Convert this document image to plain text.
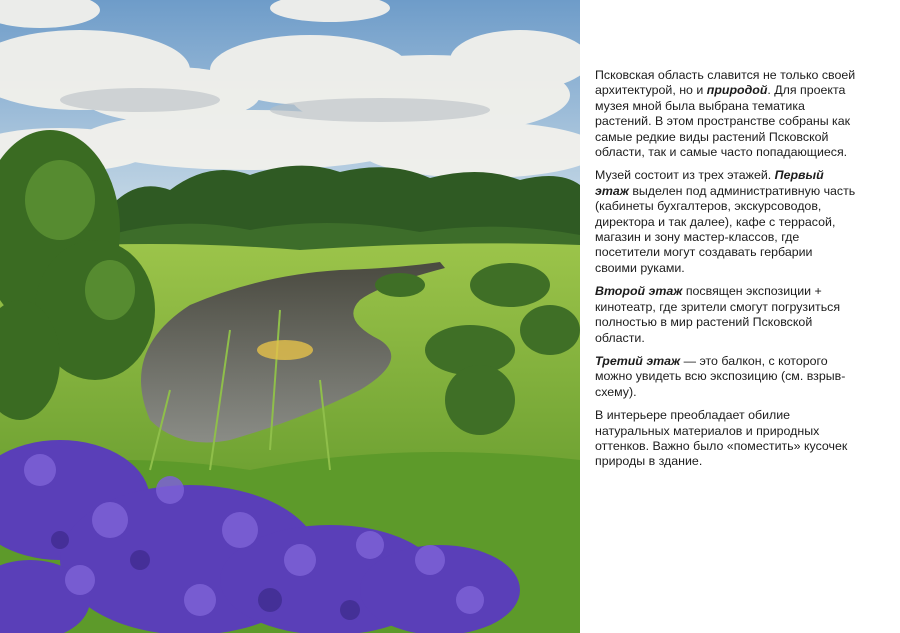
Псковская область славится не только своей архитектурой, но и природой. Для проекта музея мной была выбрана тематика растений. В этом пространстве собраны как самые редкие виды растений Псковской области, так и самые часто попадающиеся.

Музей состоит из трех этажей. Первый этаж выделен под административную часть (кабинеты бухгалтеров, экскурсоводов, директора и так далее), кафе с террасой, магазин и зону мастер-классов, где посетители могут создавать гербарии своими руками.

Второй этаж посвящен экспозиции + кинотеатр, где зрители смогут погрузиться полностью в мир растений Псковской области.

Третий этаж — это балкон, с которого можно увидеть всю экспозицию (см. взрыв-схему).

В интерьере преобладает обилие натуральных материалов и природных оттенков. Важно было «поместить» кусочек природы в здание.
